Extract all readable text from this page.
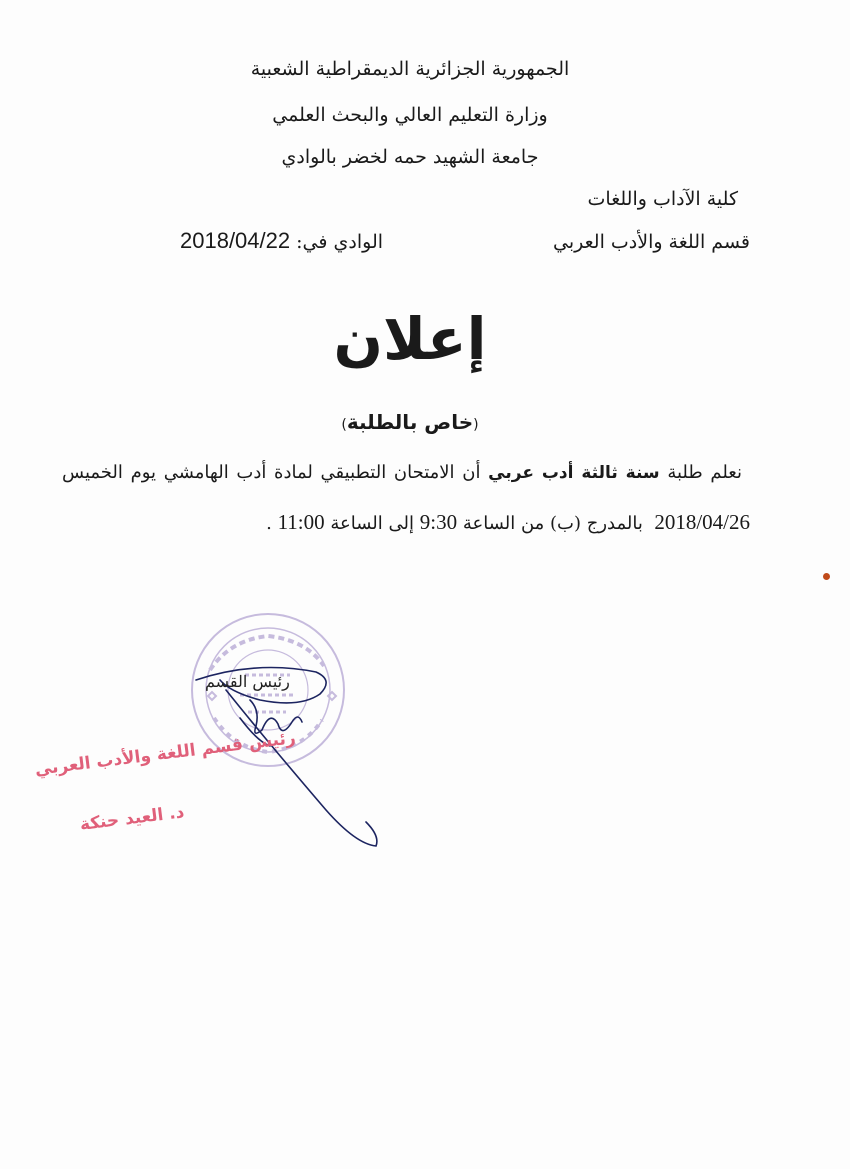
الجمهورية الجزائرية الديمقراطية الشعبية
وزارة التعليم العالي والبحث العلمي
جامعة الشهيد حمه لخضر بالوادي
كلية الآداب واللغات
قسم اللغة والأدب العربي
الوادي في: 2018/04/22
إعلان
(خاص بالطلبة)
نعلم طلبة سنة ثالثة أدب عربي أن الامتحان التطبيقي لمادة أدب الهامشي يوم الخميس
2018/04/26  بالمدرج (ب) من الساعة 9:30 إلى الساعة 11:00 .
رئيس القسم
رئيس قسم اللغة والأدب العربي
د. العيد حنكة
